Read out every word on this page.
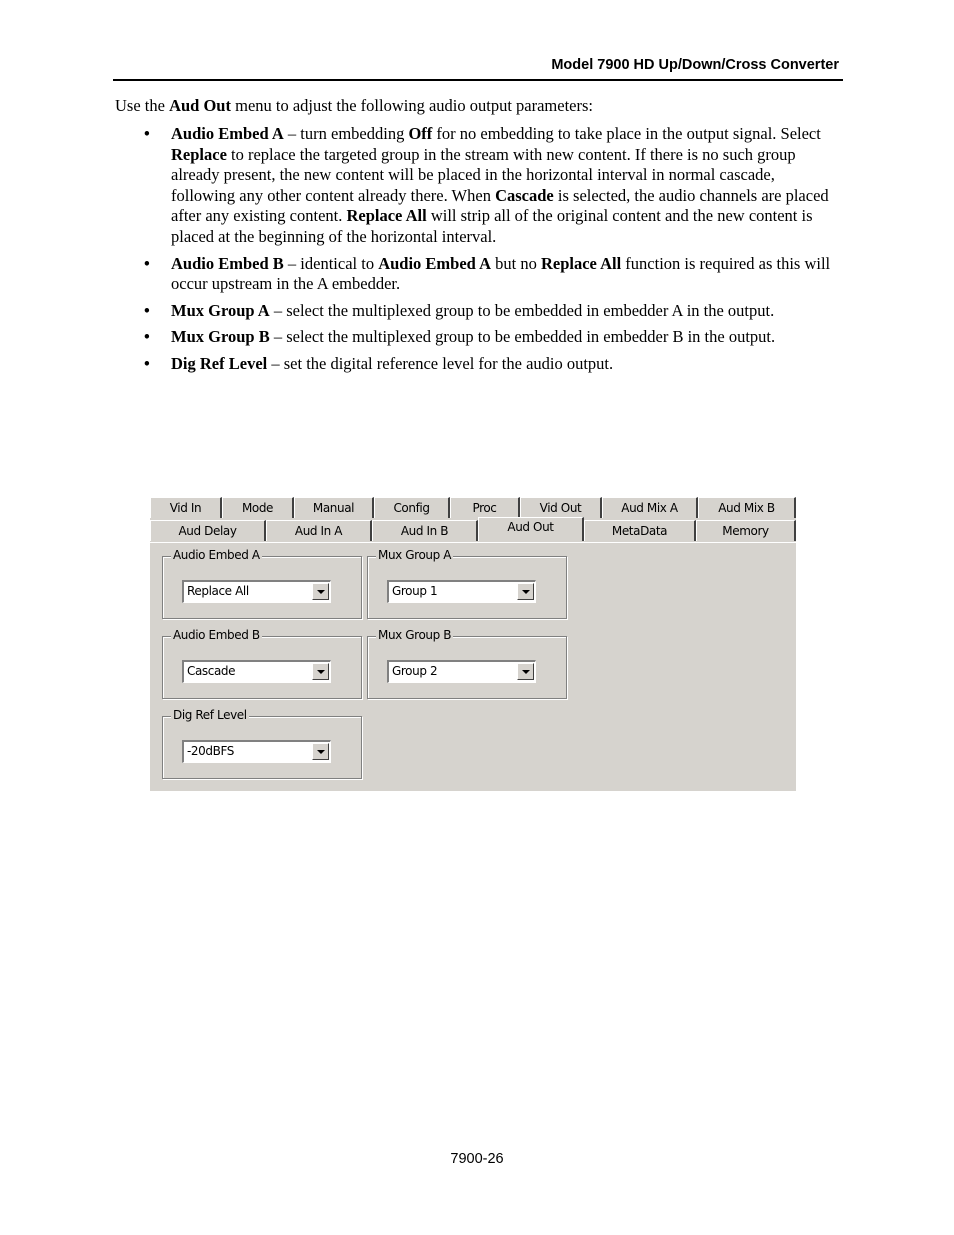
Model 7900 HD Up/Down/Cross Converter
Use the Aud Out menu to adjust the following audio output parameters:
• Audio Embed A – turn embedding Off for no embedding to take place in the output signal. Select Replace to replace the targeted group in the stream with new content. If there is no such group already present, the new content will be placed in the horizontal interval in normal cascade, following any other content already there. When Cascade is selected, the audio channels are placed after any existing content. Replace All will strip all of the original content and the new content is placed at the beginning of the horizontal interval.
• Audio Embed B – identical to Audio Embed A but no Replace All function is required as this will occur upstream in the A embedder.
• Mux Group A – select the multiplexed group to be embedded in embedder A in the output.
• Mux Group B – select the multiplexed group to be embedded in embedder B in the output.
• Dig Ref Level – set the digital reference level for the audio output.
Vid In	Mode	Manual	Config	Proc	Vid Out	Aud Mix A	Aud Mix B
Aud Delay	Aud In A	Aud In B	Aud Out	MetaData	Memory
Audio Embed A
Replace All
Mux Group A
Group 1
Audio Embed B
Cascade
Mux Group B
Group 2
Dig Ref Level
-20dBFS
7900-26
